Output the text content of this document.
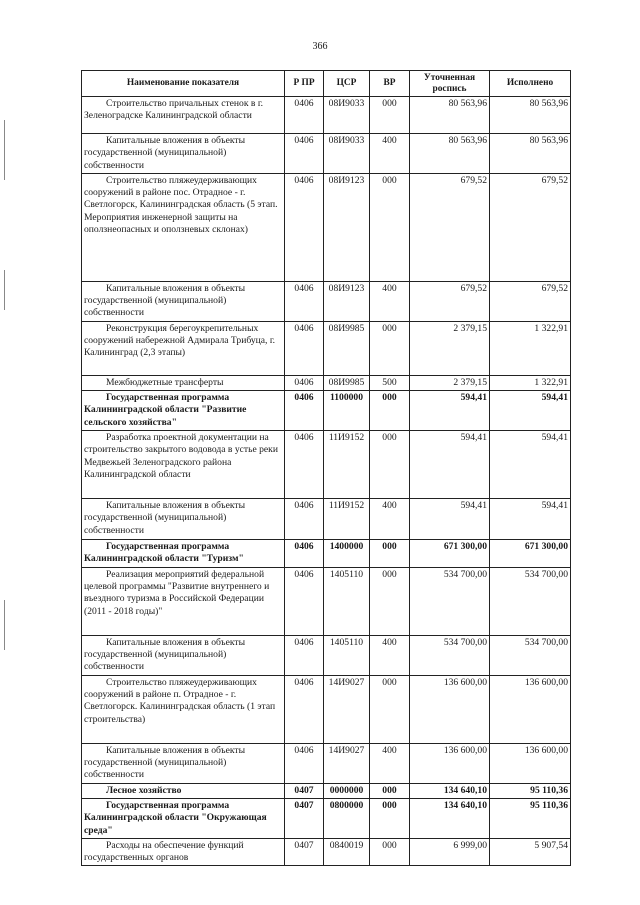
366
Наименование показателя	Р ПР	ЦСР	ВР	Уточненная роспись	Исполнено
Строительство причальных стенок в г. Зеленоградске Калининградской области	0406	08И9033	000	80 563,96	80 563,96
Капитальные вложения в объекты государственной (муниципальной) собственности	0406	08И9033	400	80 563,96	80 563,96
Строительство пляжеудерживающих сооружений в районе пос. Отрадное - г. Светлогорск, Калининградская область (5 этап. Мероприятия инженерной защиты на оползнеопасных и оползневых склонах)	0406	08И9123	000	679,52	679,52
Капитальные вложения в объекты государственной (муниципальной) собственности	0406	08И9123	400	679,52	679,52
Реконструкция берегоукрепительных сооружений набережной Адмирала Трибуца, г. Калининград (2,3 этапы)	0406	08И9985	000	2 379,15	1 322,91
Межбюджетные трансферты	0406	08И9985	500	2 379,15	1 322,91
Государственная программа Калининградской области "Развитие сельского хозяйства"	0406	1100000	000	594,41	594,41
Разработка проектной документации на строительство закрытого водовода в устье реки Медвежьей Зеленоградского района Калининградской области	0406	11И9152	000	594,41	594,41
Капитальные вложения в объекты государственной (муниципальной) собственности	0406	11И9152	400	594,41	594,41
Государственная программа Калининградской области "Туризм"	0406	1400000	000	671 300,00	671 300,00
Реализация мероприятий федеральной целевой программы "Развитие внутреннего и въездного туризма в Российской Федерации (2011 - 2018 годы)"	0406	1405110	000	534 700,00	534 700,00
Капитальные вложения в объекты государственной (муниципальной) собственности	0406	1405110	400	534 700,00	534 700,00
Строительство пляжеудерживающих сооружений в районе п. Отрадное - г. Светлогорск. Калининградская область (1 этап строительства)	0406	14И9027	000	136 600,00	136 600,00
Капитальные вложения в объекты государственной (муниципальной) собственности	0406	14И9027	400	136 600,00	136 600,00
Лесное хозяйство	0407	0000000	000	134 640,10	95 110,36
Государственная программа Калининградской области "Окружающая среда"	0407	0800000	000	134 640,10	95 110,36
Расходы на обеспечение функций государственных органов	0407	0840019	000	6 999,00	5 907,54
